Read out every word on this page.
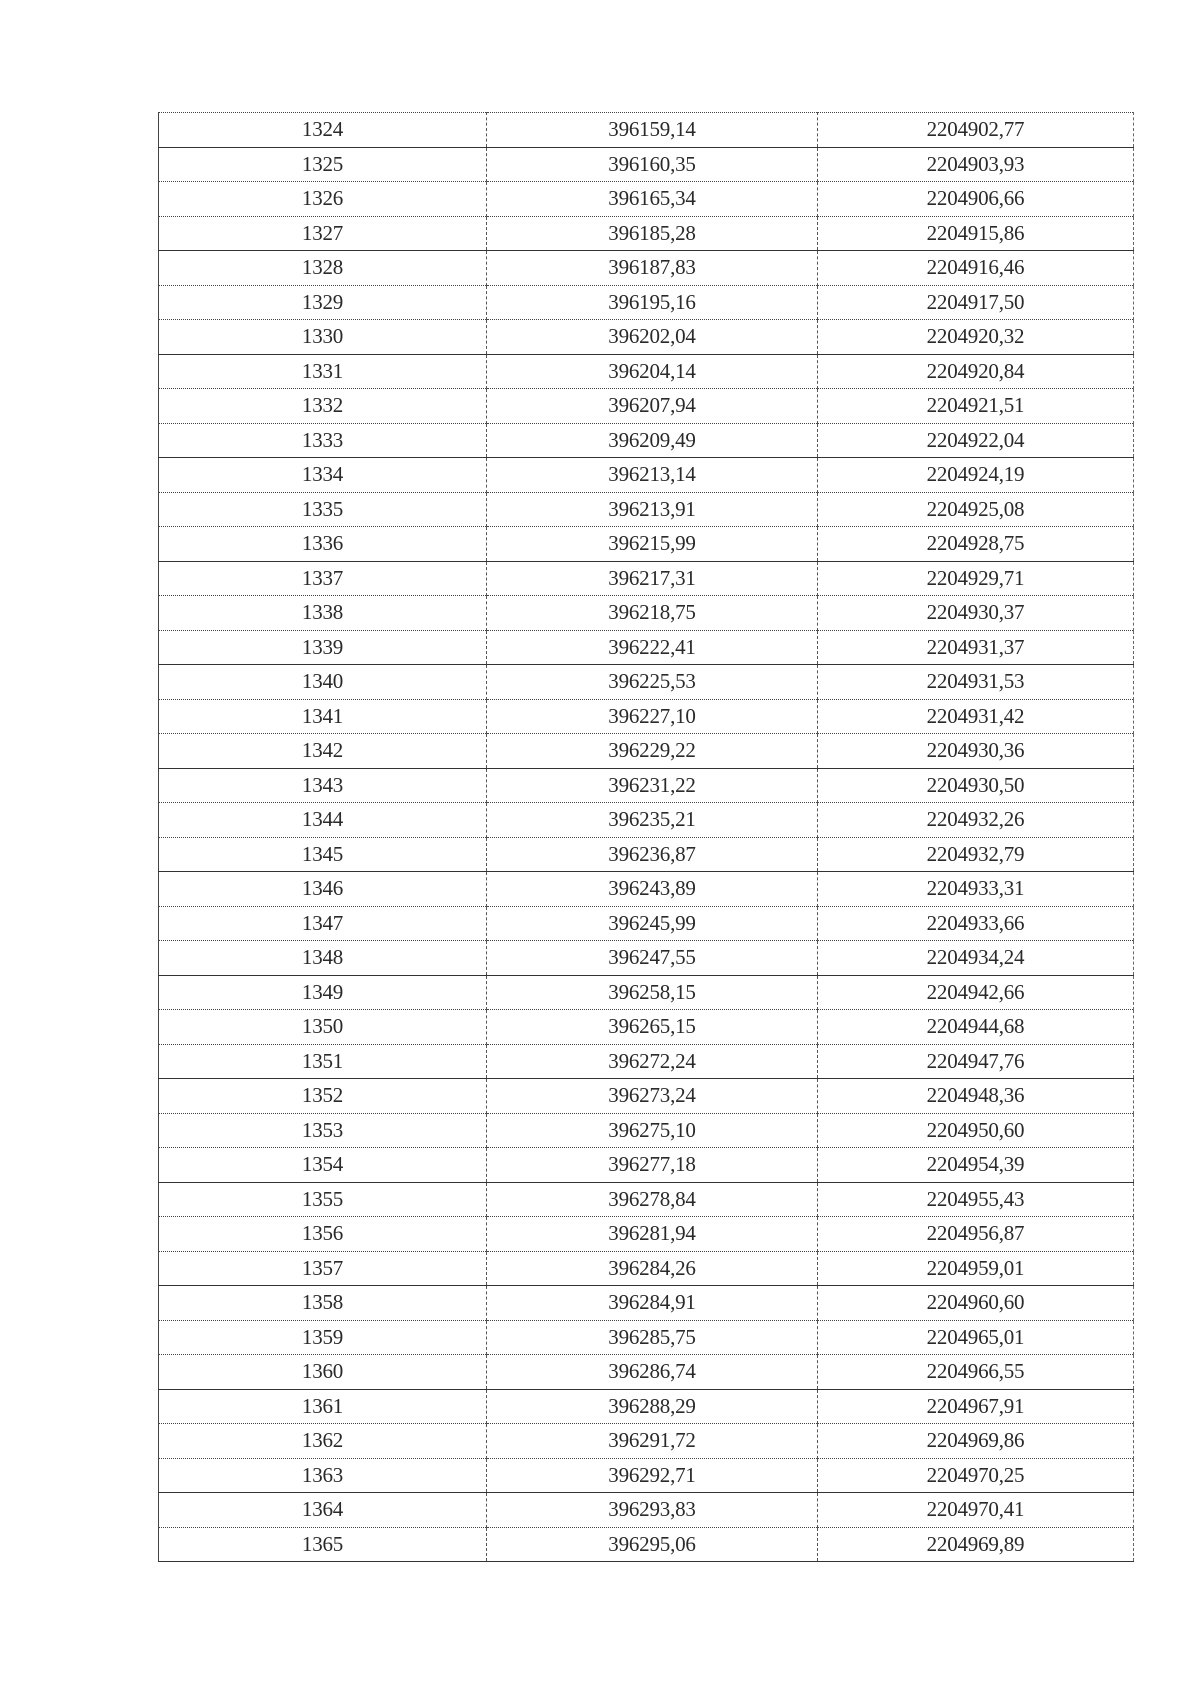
1324	396159,14	2204902,77
1325	396160,35	2204903,93
1326	396165,34	2204906,66
1327	396185,28	2204915,86
1328	396187,83	2204916,46
1329	396195,16	2204917,50
1330	396202,04	2204920,32
1331	396204,14	2204920,84
1332	396207,94	2204921,51
1333	396209,49	2204922,04
1334	396213,14	2204924,19
1335	396213,91	2204925,08
1336	396215,99	2204928,75
1337	396217,31	2204929,71
1338	396218,75	2204930,37
1339	396222,41	2204931,37
1340	396225,53	2204931,53
1341	396227,10	2204931,42
1342	396229,22	2204930,36
1343	396231,22	2204930,50
1344	396235,21	2204932,26
1345	396236,87	2204932,79
1346	396243,89	2204933,31
1347	396245,99	2204933,66
1348	396247,55	2204934,24
1349	396258,15	2204942,66
1350	396265,15	2204944,68
1351	396272,24	2204947,76
1352	396273,24	2204948,36
1353	396275,10	2204950,60
1354	396277,18	2204954,39
1355	396278,84	2204955,43
1356	396281,94	2204956,87
1357	396284,26	2204959,01
1358	396284,91	2204960,60
1359	396285,75	2204965,01
1360	396286,74	2204966,55
1361	396288,29	2204967,91
1362	396291,72	2204969,86
1363	396292,71	2204970,25
1364	396293,83	2204970,41
1365	396295,06	2204969,89
